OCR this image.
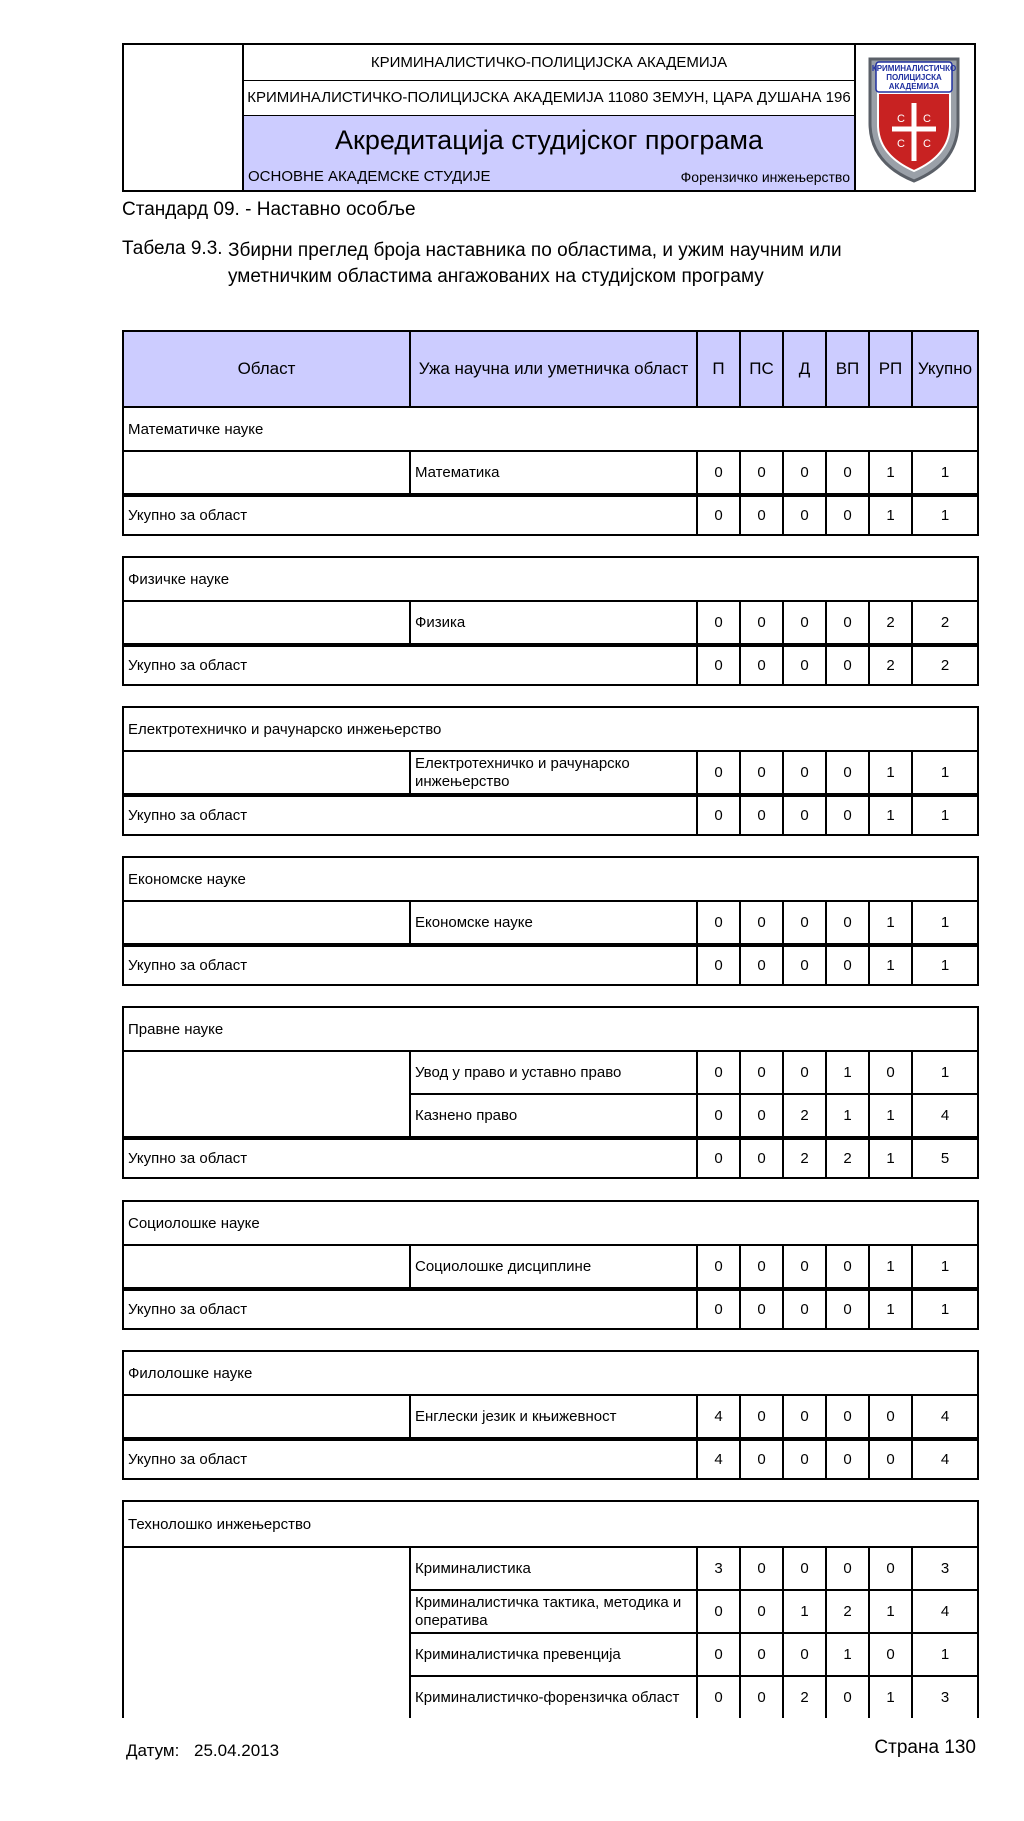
КРИМИНАЛИСТИЧКО-ПОЛИЦИЈСКА АКАДЕМИЈА
КРИМИНАЛИСТИЧКО-ПОЛИЦИЈСКА АКАДЕМИЈА 11080 ЗЕМУН, ЦАРА ДУШАНА 196
Акредитација студијског програма
ОСНОВНЕ АКАДЕМСКЕ СТУДИЈЕ	Форензичко инжењерство
КРИМИНАЛИСТИЧКО
ПОЛИЦИЈСКА
АКАДЕМИЈА
С С
С С
Стандард 09. - Наставно особље
Табела 9.3. Збирни преглед броја наставника по областима, и ужим научним или уметничким областима ангажованих на студијском програму
Област	Ужа научна или уметничка област	П	ПС	Д	ВП	РП	Укупно
Математичке науке							
	Математика	0	0	0	0	1	1
Укупно за област		0	0	0	0	1	1
Физичке науке							
	Физика	0	0	0	0	2	2
Укупно за област		0	0	0	0	2	2
Електротехничко и рачунарско инжењерство							
	Електротехничко и рачунарско инжењерство	0	0	0	0	1	1
Укупно за област		0	0	0	0	1	1
Економске науке							
	Економске науке	0	0	0	0	1	1
Укупно за област		0	0	0	0	1	1
Правне науке							
	Увод у право и уставно право	0	0	0	1	0	1
	Казнено право	0	0	2	1	1	4
Укупно за област		0	0	2	2	1	5
Социолошке науке							
	Социолошке дисциплине	0	0	0	0	1	1
Укупно за област		0	0	0	0	1	1
Филолошке науке							
	Енглески језик и књижевност	4	0	0	0	0	4
Укупно за област		4	0	0	0	0	4
Технолошко инжењерство							
	Криминалистика	3	0	0	0	0	3
	Криминалистичка тактика, методика и оператива	0	0	1	2	1	4
	Криминалистичка превенција	0	0	0	1	0	1
	Криминалистичко-форензичка област	0	0	2	0	1	3
Датум: 25.04.2013	Страна 130
